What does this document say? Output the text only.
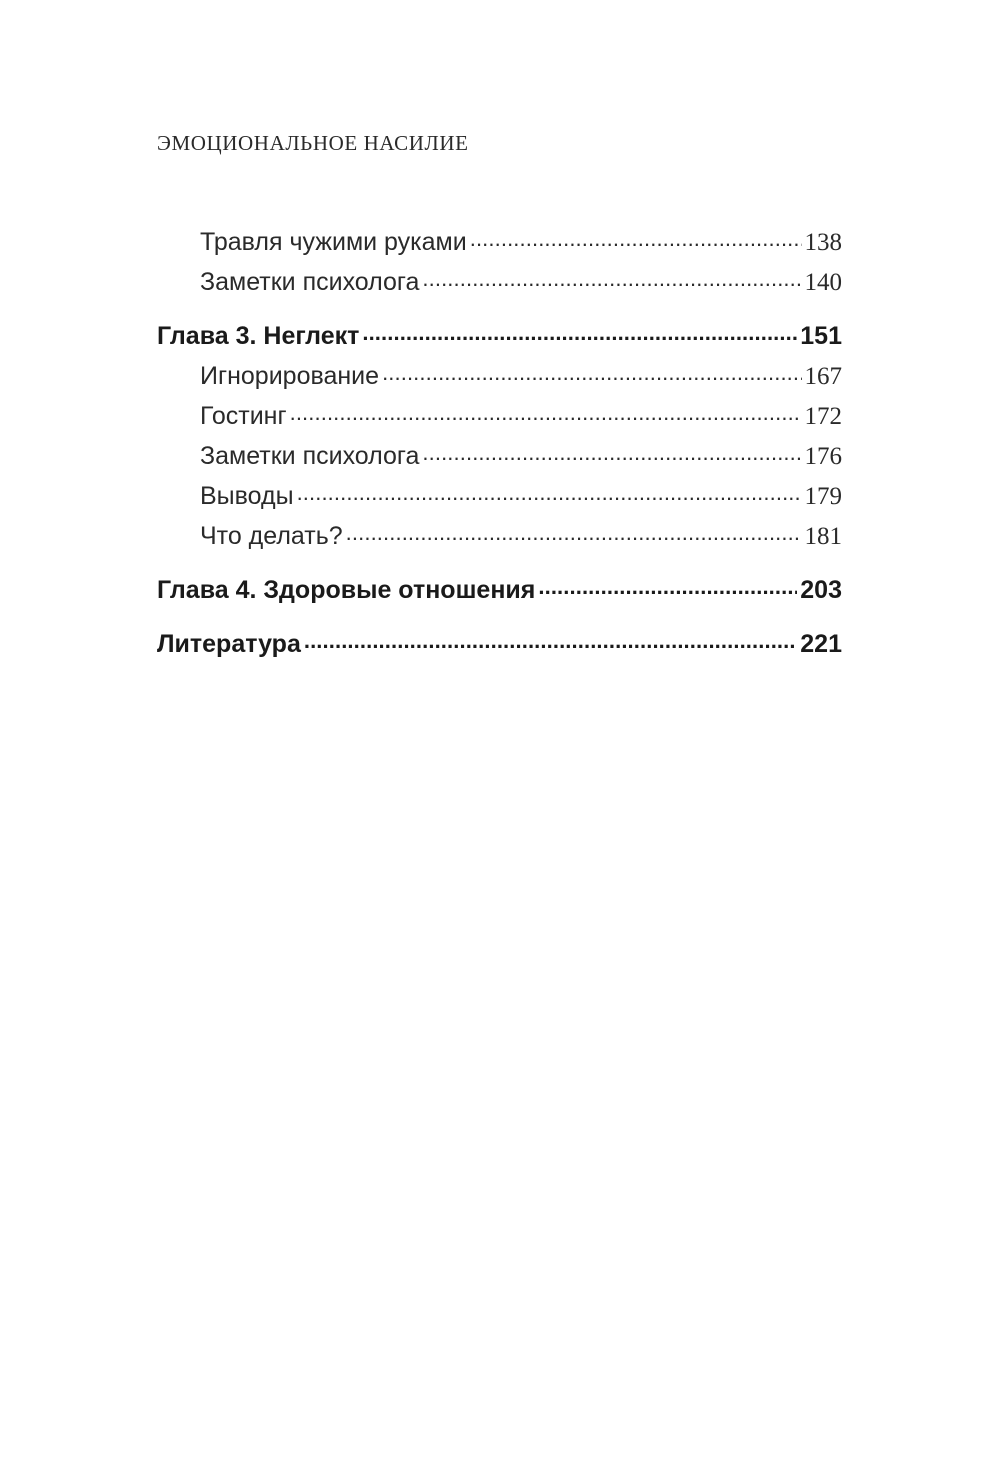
ЭМОЦИОНАЛЬНОЕ НАСИЛИЕ
Травля чужими руками . . .	138
Заметки психолога . . .	140
Глава 3. Неглект . . .	151
Игнорирование . . .	167
Гостинг . . .	172
Заметки психолога . . .	176
Выводы . . .	179
Что делать? . . .	181
Глава 4. Здоровые отношения . . .	203
Литература . . .	221
